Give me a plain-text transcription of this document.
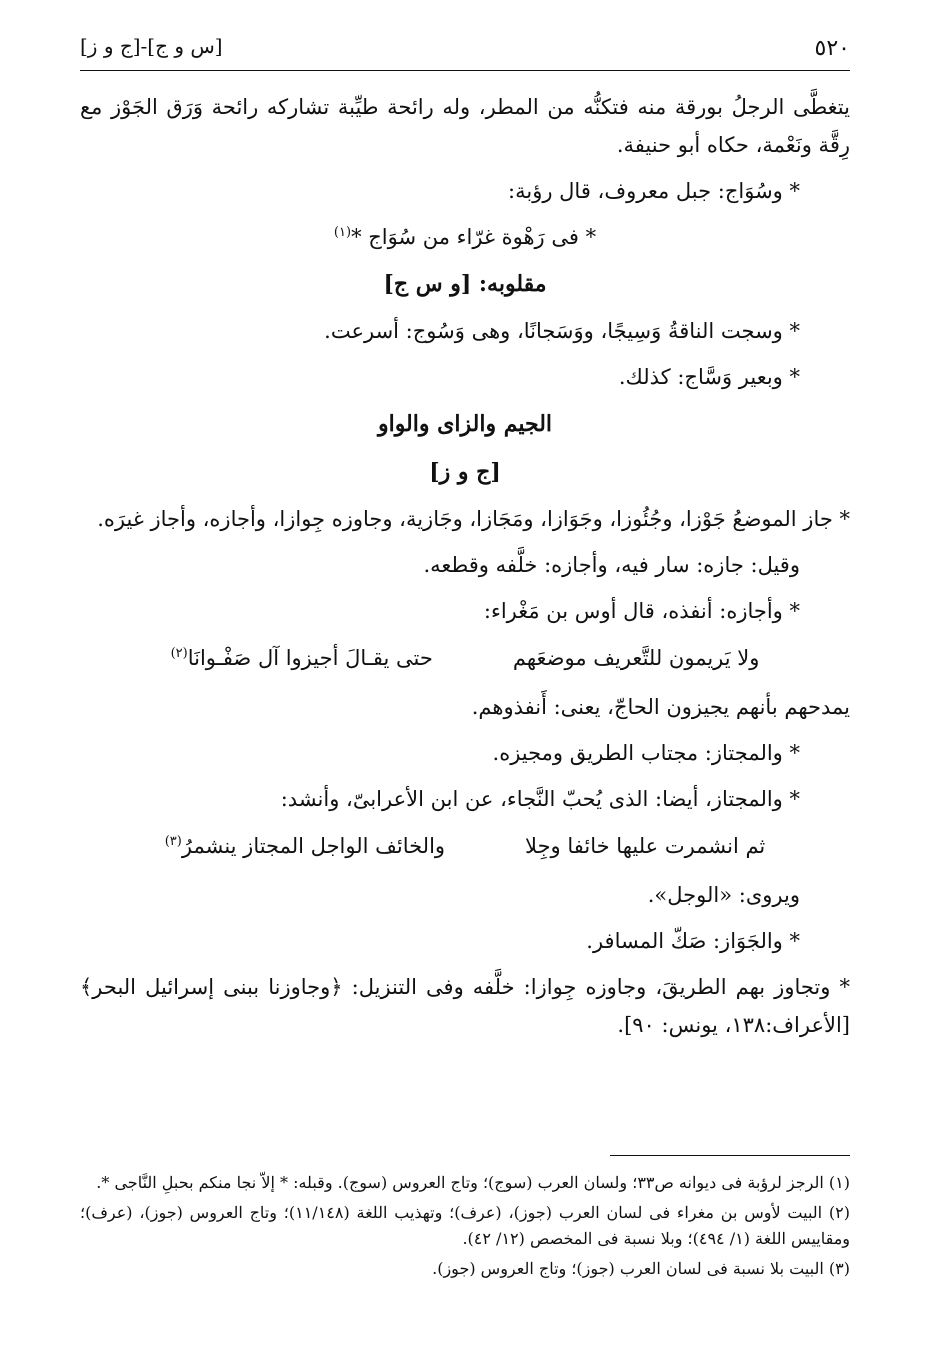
٥٢٠
[س و ج]-[ج و ز]

يتغطَّى الرجلُ بورقة منه فتكنُّه من المطر، وله رائحة طيِّبة تشاركه رائحة وَرَق الجَوْز مع رِقَّة ونَعْمة، حكاه أبو حنيفة.

* وسُوَاج: جبل معروف، قال رؤبة:

* فى رَهْوة غرّاء من سُوَاج *$^{(١)}$

مقلوبه: [و س ج]

* وسجت الناقةُ وَسِيجًا، ووَسَجانًا، وهى وَسُوج: أسرعت.

* وبعير وَسَّاج: كذلك.

الجيم والزاى والواو
[ج و ز]

* جاز الموضعُ جَوْزا، وجُئُوزا، وجَوَازا، ومَجَازا، وجَازية، وجاوزه جِوازا، وأجازه، وأجاز غيرَه.

وقيل: جازه: سار فيه، وأجازه: خلَّفه وقطعه.

* وأجازه: أنفذه، قال أوس بن مَغْراء:

ولا يَريمون للتَّعريف موضعَهم
حتى يقـالَ أجيزوا آل صَفْـوانَا$^{(٢)}$

يمدحهم بأنهم يجيزون الحاجّ، يعنى: أَنفذوهم.

* والمجتاز: مجتاب الطريق ومجيزه.

* والمجتاز، أيضا: الذى يُحبّ النَّجاء، عن ابن الأعرابىّ، وأنشد:

ثم انشمرت عليها خائفا وجِلا
والخائف الواجل المجتاز ينشمرُ$^{(٣)}$

ويروى: «الوجل».

* والجَوَاز: صَكّ المسافر.

* وتجاوز بهم الطريقَ، وجاوزه جِوازا: خلَّفه وفى التنزيل: ﴿وجاوزنا ببنى إسرائيل البحر﴾ [الأعراف:١٣٨، يونس: ٩٠].

(١) الرجز لرؤبة فى ديوانه ص٣٣؛ ولسان العرب (سوج)؛ وتاج العروس (سوج). وقبله: * إلاّ نجا منكم بحبلِ النَّاجى *.

(٢) البيت لأوس بن مغراء فى لسان العرب (جوز)، (عرف)؛ وتهذيب اللغة (١١/١٤٨)؛ وتاج العروس (جوز)، (عرف)؛ ومقاييس اللغة (١/ ٤٩٤)؛ وبلا نسبة فى المخصص (١٢/ ٤٢).

(٣) البيت بلا نسبة فى لسان العرب (جوز)؛ وتاج العروس (جوز).
